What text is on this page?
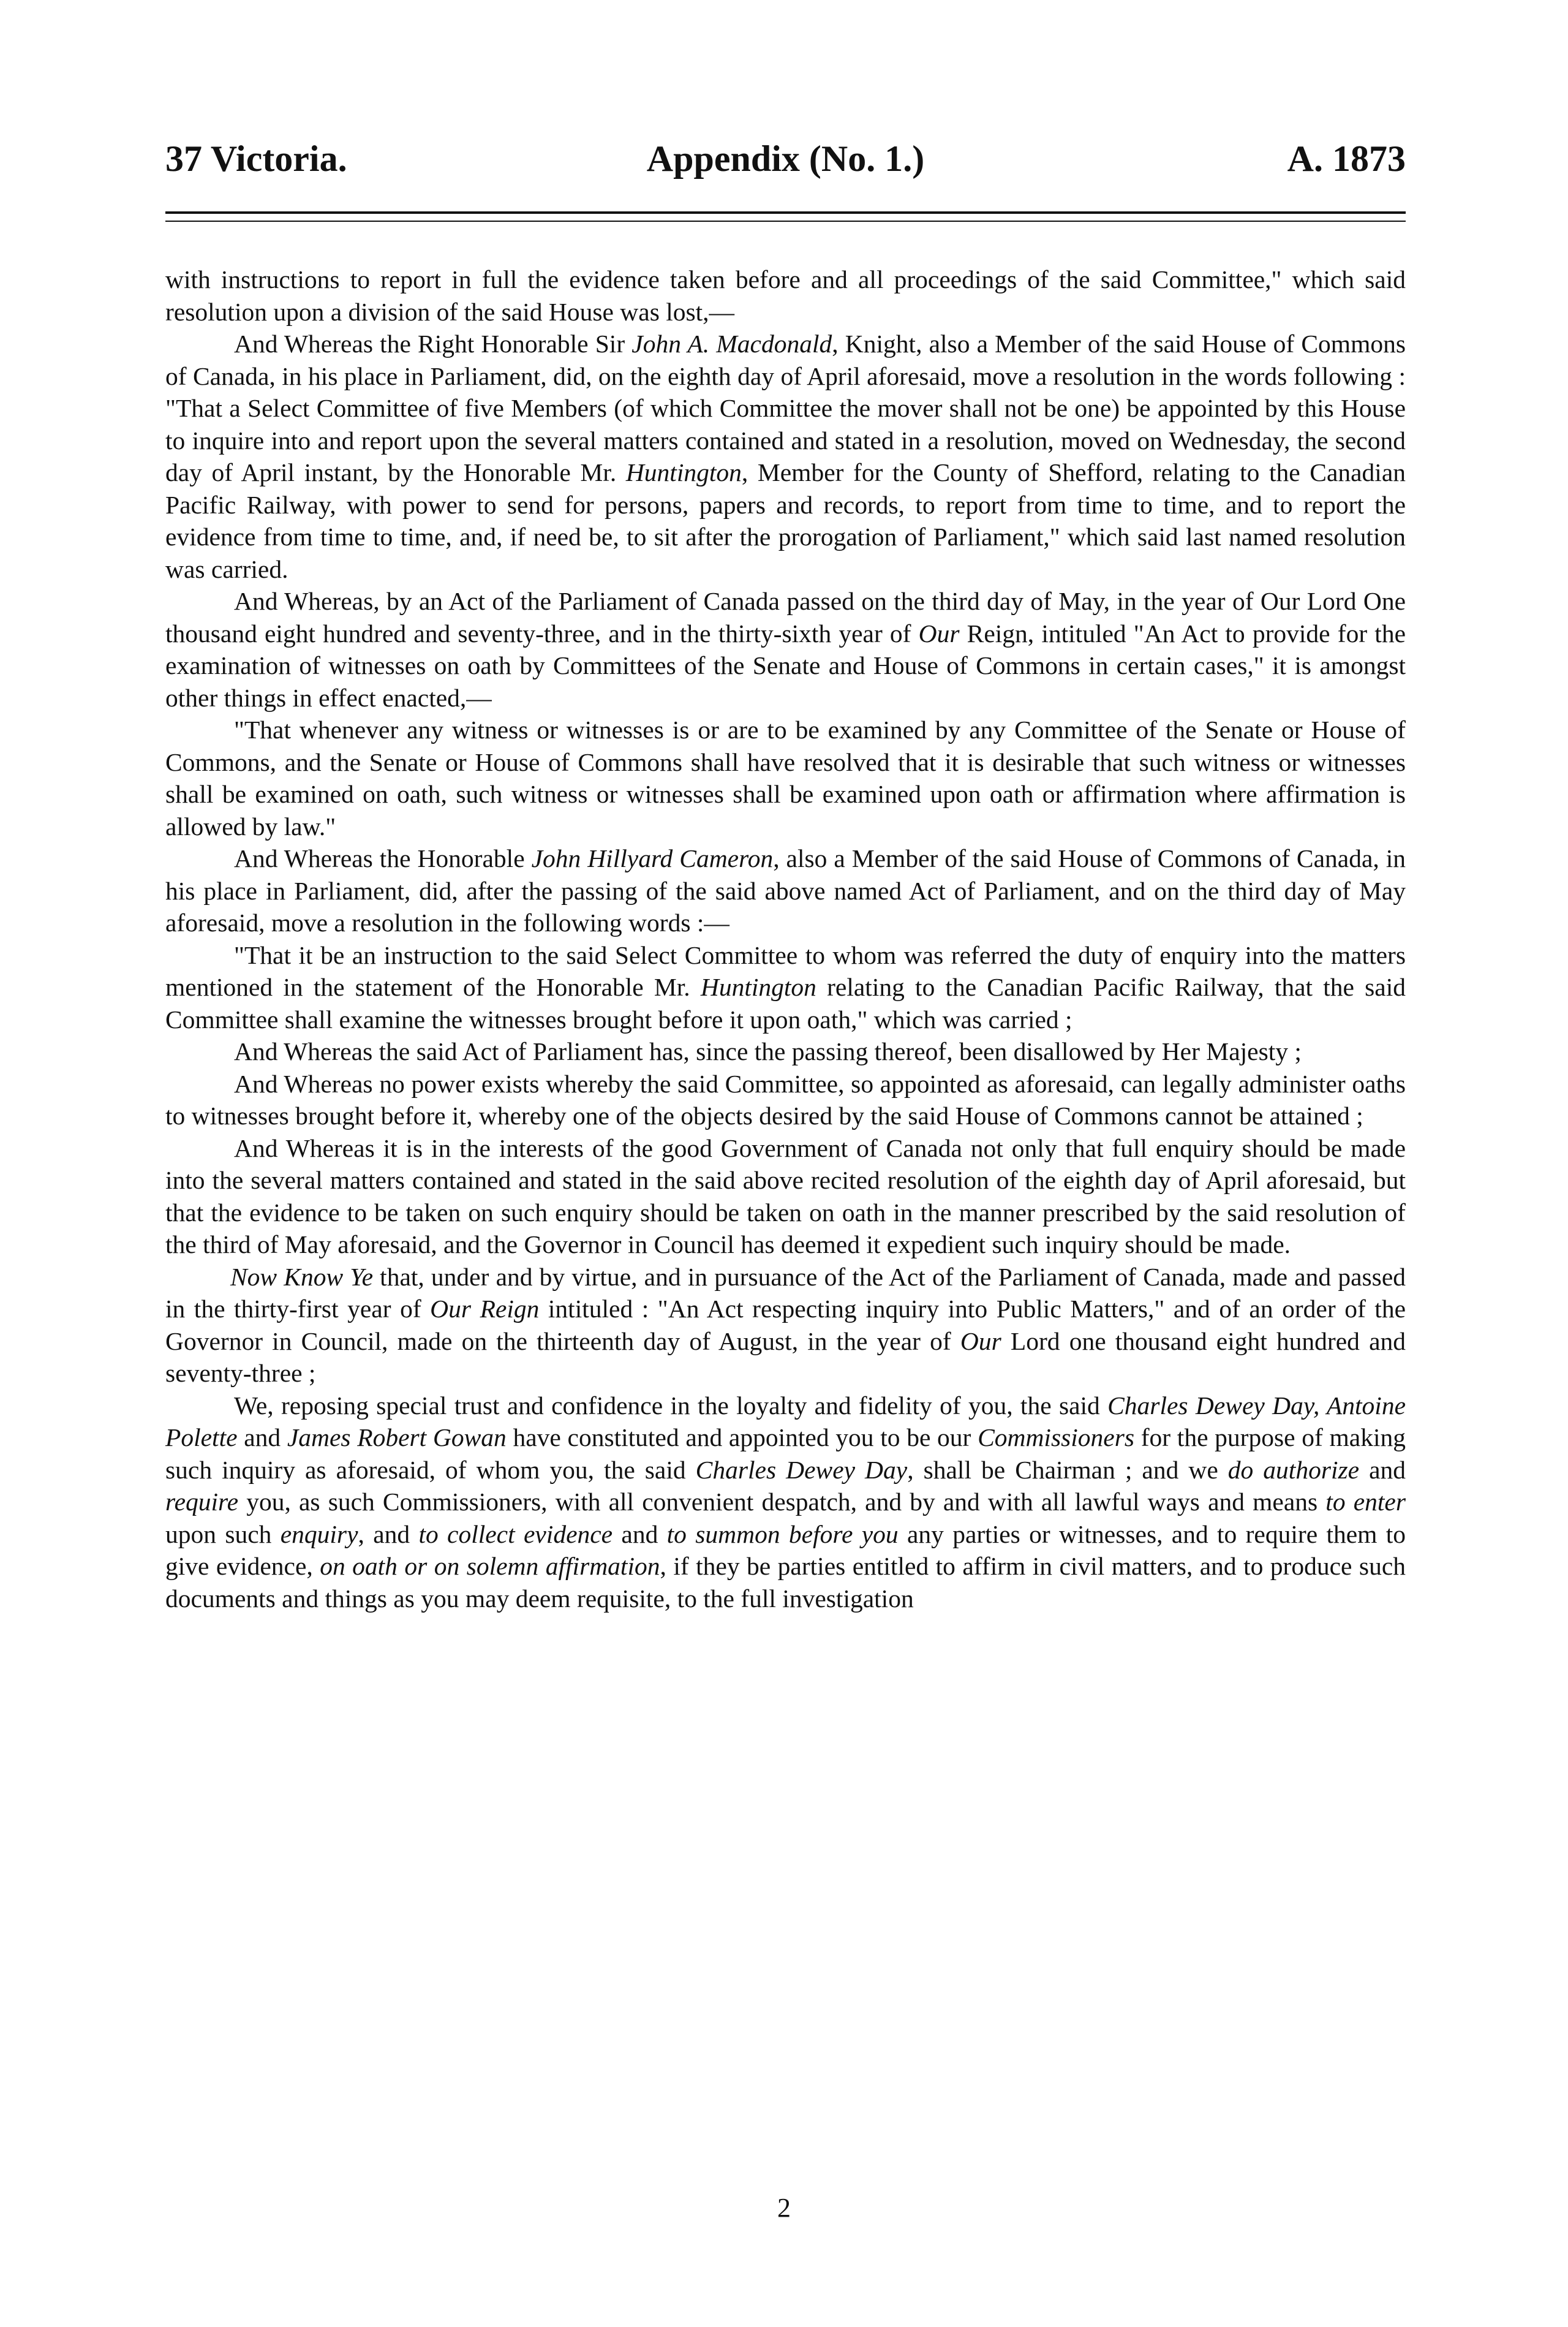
37 Victoria.	Appendix (No. 1.)	A. 1873

with instructions to report in full the evidence taken before and all proceedings of the said Committee," which said resolution upon a division of the said House was lost,—

And Whereas the Right Honorable Sir John A. Macdonald, Knight, also a Member of the said House of Commons of Canada, in his place in Parliament, did, on the eighth day of April aforesaid, move a resolution in the words following : "That a Select Committee of five Members (of which Committee the mover shall not be one) be appointed by this House to inquire into and report upon the several matters contained and stated in a resolution, moved on Wednesday, the second day of April instant, by the Honorable Mr. Huntington, Member for the County of Shefford, relating to the Canadian Pacific Railway, with power to send for persons, papers and records, to report from time to time, and to report the evidence from time to time, and, if need be, to sit after the prorogation of Parliament," which said last named resolution was carried.

And Whereas, by an Act of the Parliament of Canada passed on the third day of May, in the year of Our Lord One thousand eight hundred and seventy-three, and in the thirty-sixth year of Our Reign, intituled "An Act to provide for the examination of witnesses on oath by Committees of the Senate and House of Commons in certain cases," it is amongst other things in effect enacted,—

"That whenever any witness or witnesses is or are to be examined by any Committee of the Senate or House of Commons, and the Senate or House of Commons shall have resolved that it is desirable that such witness or witnesses shall be examined on oath, such witness or witnesses shall be examined upon oath or affirmation where affirmation is allowed by law."

And Whereas the Honorable John Hillyard Cameron, also a Member of the said House of Commons of Canada, in his place in Parliament, did, after the passing of the said above named Act of Parliament, and on the third day of May aforesaid, move a resolution in the following words :—

"That it be an instruction to the said Select Committee to whom was referred the duty of enquiry into the matters mentioned in the statement of the Honorable Mr. Huntington relating to the Canadian Pacific Railway, that the said Committee shall examine the witnesses brought before it upon oath," which was carried ;

And Whereas the said Act of Parliament has, since the passing thereof, been disallowed by Her Majesty ;

And Whereas no power exists whereby the said Committee, so appointed as aforesaid, can legally administer oaths to witnesses brought before it, whereby one of the objects desired by the said House of Commons cannot be attained ;

And Whereas it is in the interests of the good Government of Canada not only that full enquiry should be made into the several matters contained and stated in the said above recited resolution of the eighth day of April aforesaid, but that the evidence to be taken on such enquiry should be taken on oath in the manner prescribed by the said resolution of the third of May aforesaid, and the Governor in Council has deemed it expedient such inquiry should be made.

Now Know Ye that, under and by virtue, and in pursuance of the Act of the Parliament of Canada, made and passed in the thirty-first year of Our Reign intituled : "An Act respecting inquiry into Public Matters," and of an order of the Governor in Council, made on the thirteenth day of August, in the year of Our Lord one thousand eight hundred and seventy-three ;

We, reposing special trust and confidence in the loyalty and fidelity of you, the said Charles Dewey Day, Antoine Polette and James Robert Gowan have constituted and appointed you to be our Commissioners for the purpose of making such inquiry as aforesaid, of whom you, the said Charles Dewey Day, shall be Chairman ; and we do authorize and require you, as such Commissioners, with all convenient despatch, and by and with all lawful ways and means to enter upon such enquiry, and to collect evidence and to summon before you any parties or witnesses, and to require them to give evidence, on oath or on solemn affirmation, if they be parties entitled to affirm in civil matters, and to produce such documents and things as you may deem requisite, to the full investigation

2
